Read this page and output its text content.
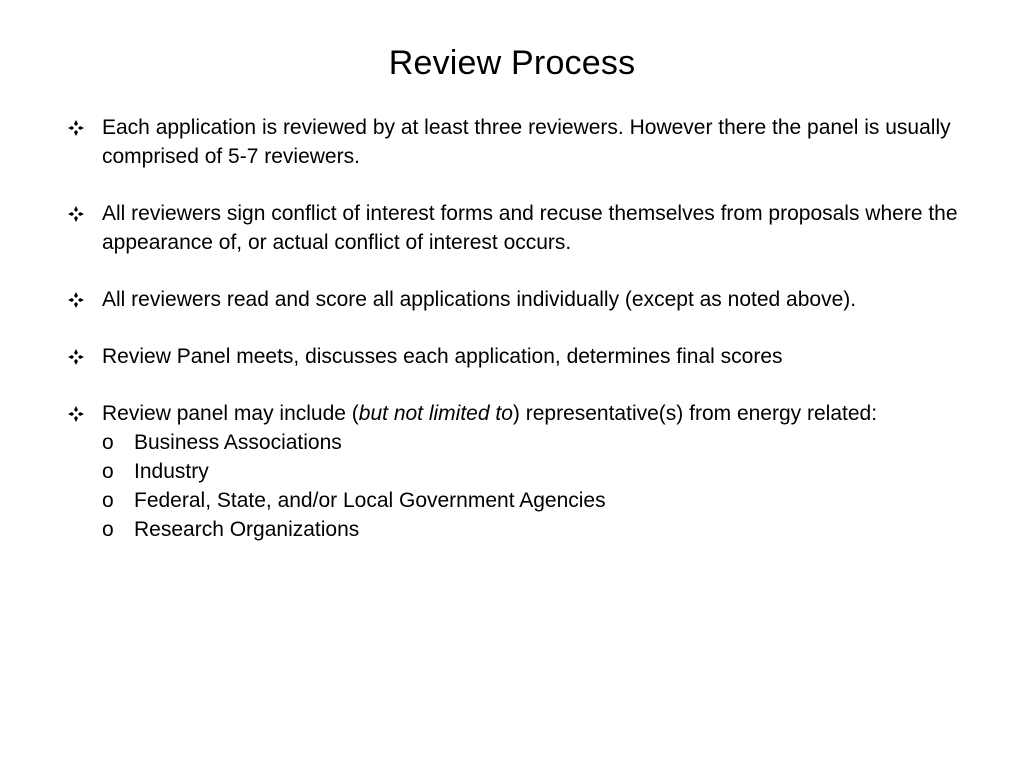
Review Process
Each application is reviewed by at least three reviewers. However there the panel is usually comprised of 5-7 reviewers.
All reviewers sign conflict of interest forms and recuse themselves from proposals where the appearance of, or actual conflict of interest occurs.
All reviewers read and score all applications individually (except as noted above).
Review Panel meets, discusses each application, determines final scores
Review panel may include (but not limited to) representative(s) from energy related:
o Business Associations
o Industry
o Federal, State, and/or Local Government Agencies
o Research Organizations
